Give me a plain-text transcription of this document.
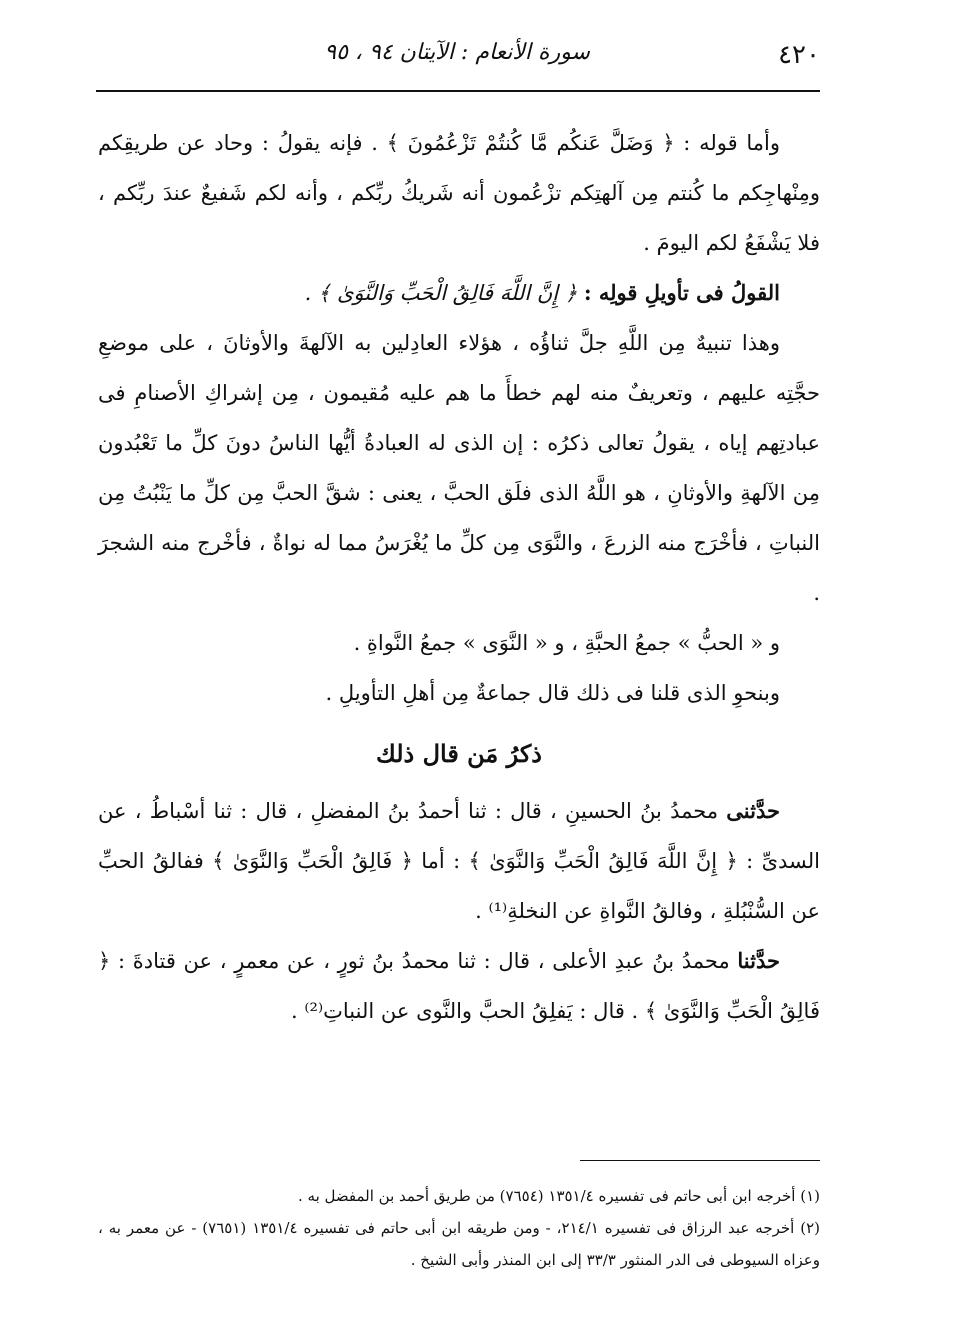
٤٢٠
سورة الأنعام : الآيتان ٩٤ ، ٩٥

وأما قوله : ﴿ وَضَلَّ عَنكُم مَّا كُنتُمْ تَزْعُمُونَ ﴾ . فإنه يقولُ : وحاد عن طريقِكم ومِنْهاجِكم ما كُنتم مِن آلهتِكم تزْعُمون أنه شَريكُ ربِّكم ، وأنه لكم شَفيعٌ عندَ ربِّكم ، فلا يَشْفَعُ لكم اليومَ .

القولُ فى تأويلِ قولِه : ﴿ إِنَّ اللَّهَ فَالِقُ الْحَبِّ وَالنَّوَىٰ ﴾ .

وهذا تنبيهٌ مِن اللَّهِ جلَّ ثناؤُه ، هؤلاء العادِلين به الآلهةَ والأوثانَ ، على موضعِ حجَّتِه عليهم ، وتعريفٌ منه لهم خطأَ ما هم عليه مُقيمون ، مِن إشراكِ الأصنامِ فى عبادتِهم إياه ، يقولُ تعالى ذكرُه : إن الذى له العبادةُ أيُّها الناسُ دونَ كلِّ ما تَعْبُدون مِن الآلهةِ والأوثانِ ، هو اللَّهُ الذى فلَق الحبَّ ، يعنى : شقَّ الحبَّ مِن كلِّ ما يَنْبُتُ مِن النباتِ ، فأخْرَج منه الزرعَ ، والنَّوَى مِن كلِّ ما يُغْرَسُ مما له نواةٌ ، فأخْرج منه الشجرَ .

و « الحبُّ » جمعُ الحبَّةِ ، و « النَّوَى » جمعُ النَّواةِ .

وبنحوِ الذى قلنا فى ذلك قال جماعةٌ مِن أهلِ التأويلِ .

ذكرُ مَن قال ذلك

حدَّثنى محمدُ بنُ الحسينِ ، قال : ثنا أحمدُ بنُ المفضلِ ، قال : ثنا أسْباطُ ، عن السدىِّ : ﴿ إِنَّ اللَّهَ فَالِقُ الْحَبِّ وَالنَّوَىٰ ﴾ : أما ﴿ فَالِقُ الْحَبِّ وَالنَّوَىٰ ﴾ ففالقُ الحبِّ عن السُّنْبُلةِ ، وفالقُ النَّواةِ عن النخلةِ⁽¹⁾ .

حدَّثنا محمدُ بنُ عبدِ الأعلى ، قال : ثنا محمدُ بنُ ثورٍ ، عن معمرٍ ، عن قتادةَ : ﴿ فَالِقُ الْحَبِّ وَالنَّوَىٰ ﴾ . قال : يَفلِقُ الحبَّ والنَّوى عن النباتِ⁽²⁾ .

(١) أخرجه ابن أبى حاتم فى تفسيره ١٣٥١/٤ (٧٦٥٤) من طريق أحمد بن المفضل به .

(٢) أخرجه عبد الرزاق فى تفسيره ٢١٤/١، - ومن طريقه ابن أبى حاتم فى تفسيره ١٣٥١/٤ (٧٦٥١) - عن معمر به ، وعزاه السيوطى فى الدر المنثور ٣٣/٣ إلى ابن المنذر وأبى الشيخ .
